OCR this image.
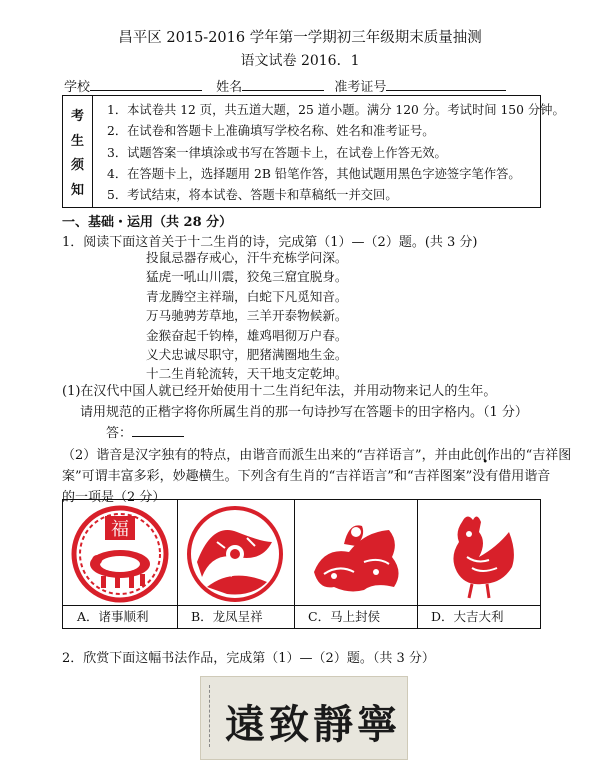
昌平区 2015-2016 学年第一学期初三年级期末质量抽测
语文试卷 2016．1
学校	姓名	准考证号
考
生
须
知
1．本试卷共 12 页，共五道大题，25 道小题。满分 120 分。考试时间 150 分钟。
2．在试卷和答题卡上准确填写学校名称、姓名和准考证号。
3．试题答案一律填涂或书写在答题卡上，在试卷上作答无效。
4．在答题卡上，选择题用 2B 铅笔作答，其他试题用黑色字迹签字笔作答。
5．考试结束，将本试卷、答题卡和草稿纸一并交回。
一、基础・运用（共 28 分）
1．阅读下面这首关于十二生肖的诗，完成第（1）—（2）题。(共 3 分)
投鼠忌器存戒心，汗牛充栋学问深。
猛虎一吼山川震，狡兔三窟宜脱身。
青龙腾空主祥瑞，白蛇下凡觅知音。
万马驰骋芳草地，三羊开泰物候新。
金猴奋起千钧棒，雄鸡唱彻万户春。
义犬忠诚尽职守，肥猪满圈地生金。
十二生肖轮流转，天干地支定乾坤。
(1)在汉代中国人就已经开始使用十二生肖纪年法，并用动物来记人的生年。
请用规范的正楷字将你所属生肖的那一句诗抄写在答题卡的田字格内。（1 分）
答：
（2）谐音是汉字独有的特点，由谐音而派生出来的“吉祥语言”，并由此创作出的“吉祥图
案”可谓丰富多彩，妙趣横生。下列含有生肖的“吉祥语言”和“吉祥图案”没有借用谐音
的一项是（2 分）
福
A．诸事顺利	B．龙凤呈祥	C．马上封侯	D．大吉大利
2．欣赏下面这幅书法作品，完成第（1）—（2）题。（共 3 分）
寧靜致遠
